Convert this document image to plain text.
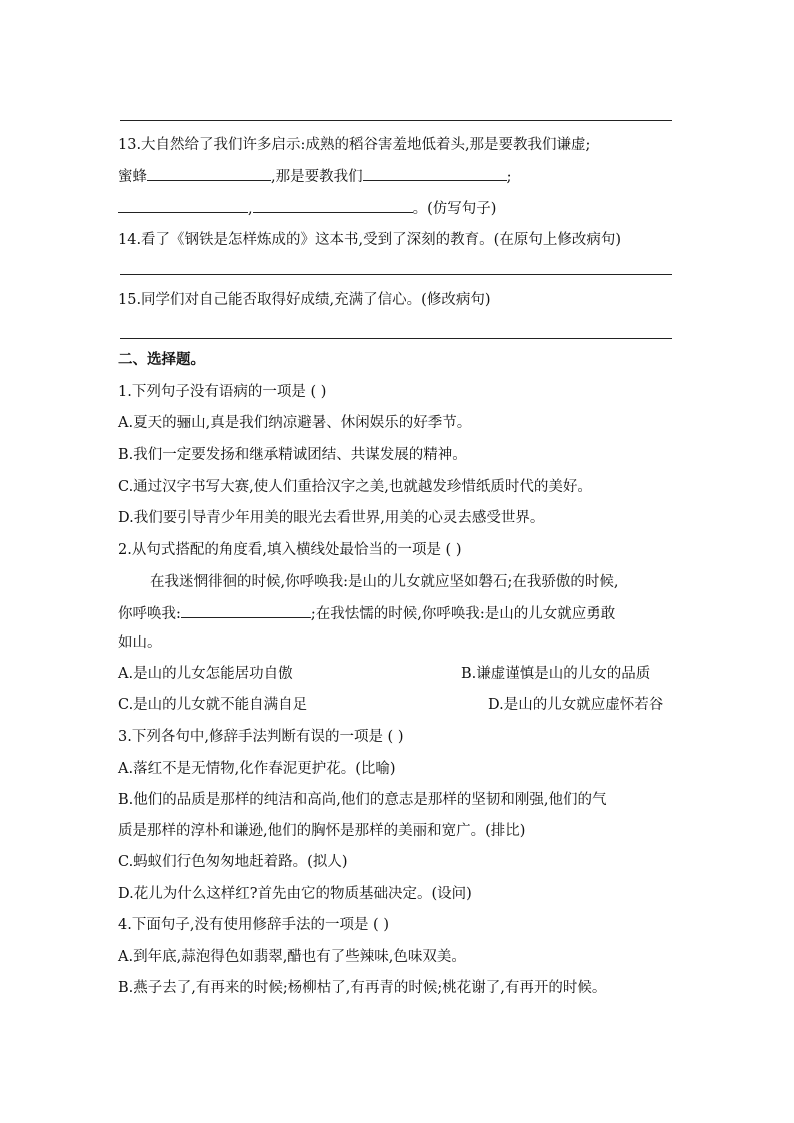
13.大自然给了我们许多启示:成熟的稻谷害羞地低着头,那是要教我们谦虚;
蜜蜂	,那是要教我们	;
,	。(仿写句子)
14.看了《钢铁是怎样炼成的》这本书,受到了深刻的教育。(在原句上修改病句)
15.同学们对自己能否取得好成绩,充满了信心。(修改病句)
二、选择题。
1.下列句子没有语病的一项是 ( )
A.夏天的骊山,真是我们纳凉避暑、休闲娱乐的好季节。
B.我们一定要发扬和继承精诚团结、共谋发展的精神。
C.通过汉字书写大赛,使人们重拾汉字之美,也就越发珍惜纸质时代的美好。
D.我们要引导青少年用美的眼光去看世界,用美的心灵去感受世界。
2.从句式搭配的角度看,填入横线处最恰当的一项是 ( )
在我迷惘徘徊的时候,你呼唤我:是山的儿女就应坚如磐石;在我骄傲的时候,
你呼唤我:	;在我怯懦的时候,你呼唤我:是山的儿女就应勇敢
如山。
A.是山的儿女怎能居功自傲	B.谦虚谨慎是山的儿女的品质
C.是山的儿女就不能自满自足	D.是山的儿女就应虚怀若谷
3.下列各句中,修辞手法判断有误的一项是 ( )
A.落红不是无情物,化作春泥更护花。(比喻)
B.他们的品质是那样的纯洁和高尚,他们的意志是那样的坚韧和刚强,他们的气
质是那样的淳朴和谦逊,他们的胸怀是那样的美丽和宽广。(排比)
C.蚂蚁们行色匆匆地赶着路。(拟人)
D.花儿为什么这样红?首先由它的物质基础决定。(设问)
4.下面句子,没有使用修辞手法的一项是 ( )
A.到年底,蒜泡得色如翡翠,醋也有了些辣味,色味双美。
B.燕子去了,有再来的时候;杨柳枯了,有再青的时候;桃花谢了,有再开的时候。
